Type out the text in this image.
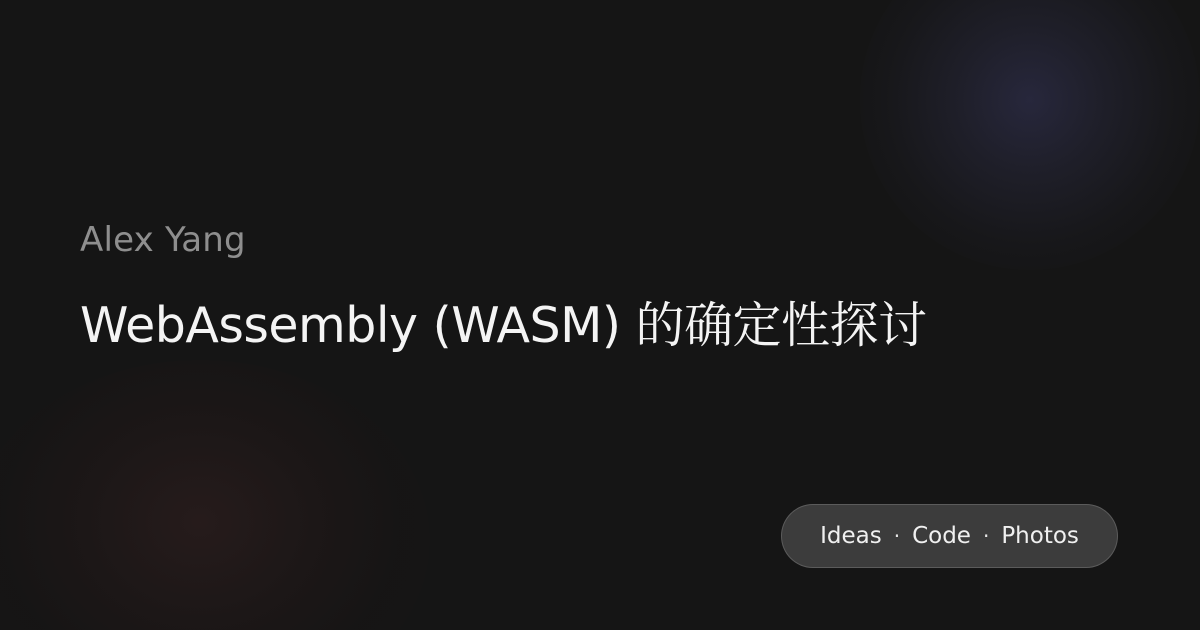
Alex Yang

WebAssembly (WASM) 的确定性探讨
Ideas · Code · Photos
